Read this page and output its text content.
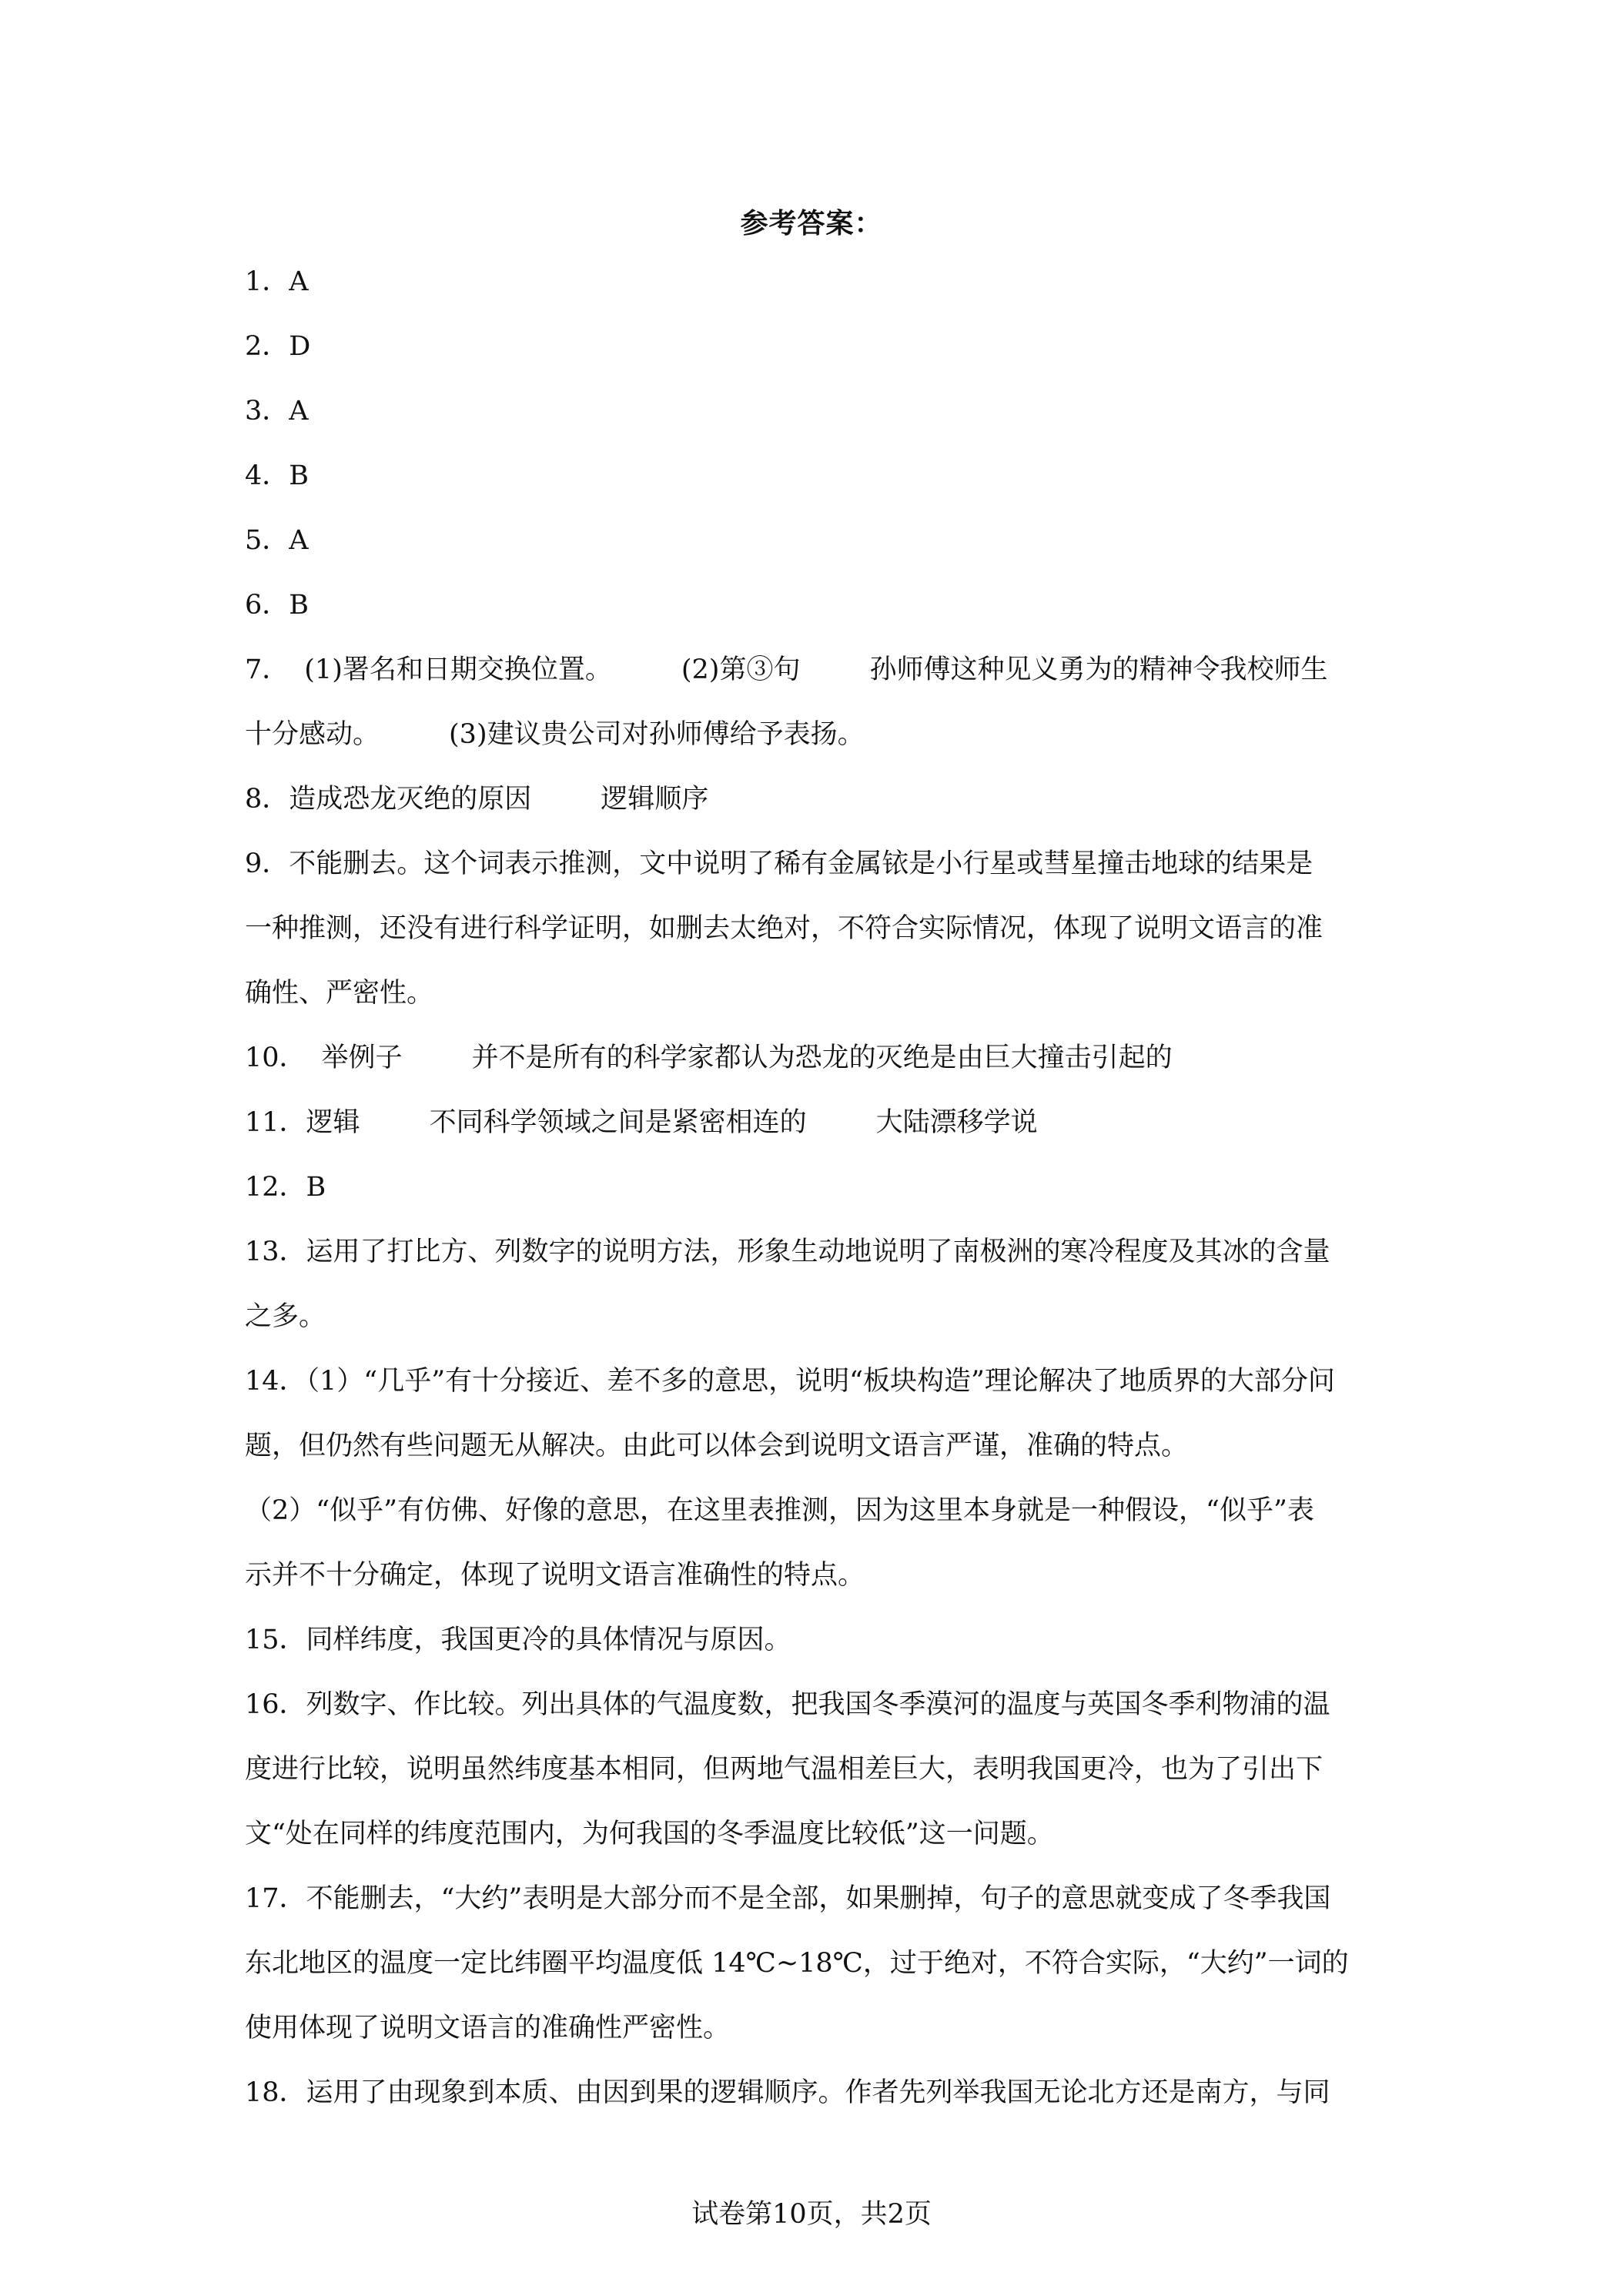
参考答案：
1．A
2．D
3．A
4．B
5．A
6．B
7． (1)署名和日期交换位置。	(2)第③句	孙师傅这种见义勇为的精神令我校师生
十分感动。	(3)建议贵公司对孙师傅给予表扬。
8．造成恐龙灭绝的原因	逻辑顺序
9．不能删去。这个词表示推测，文中说明了稀有金属铱是小行星或彗星撞击地球的结果是
一种推测，还没有进行科学证明，如删去太绝对，不符合实际情况，体现了说明文语言的准
确性、严密性。
10． 举例子	并不是所有的科学家都认为恐龙的灭绝是由巨大撞击引起的
11．逻辑	不同科学领域之间是紧密相连的	大陆漂移学说
12．B
13．运用了打比方、列数字的说明方法，形象生动地说明了南极洲的寒冷程度及其冰的含量
之多。
14．（1）“几乎”有十分接近、差不多的意思，说明“板块构造”理论解决了地质界的大部分问
题，但仍然有些问题无从解决。由此可以体会到说明文语言严谨，准确的特点。
（2）“似乎”有仿佛、好像的意思，在这里表推测，因为这里本身就是一种假设，“似乎”表
示并不十分确定，体现了说明文语言准确性的特点。
15．同样纬度，我国更冷的具体情况与原因。
16．列数字、作比较。列出具体的气温度数，把我国冬季漠河的温度与英国冬季利物浦的温
度进行比较，说明虽然纬度基本相同，但两地气温相差巨大，表明我国更冷，也为了引出下
文“处在同样的纬度范围内，为何我国的冬季温度比较低”这一问题。
17．不能删去，“大约”表明是大部分而不是全部，如果删掉，句子的意思就变成了冬季我国
东北地区的温度一定比纬圈平均温度低 14℃~18℃，过于绝对，不符合实际，“大约”一词的
使用体现了说明文语言的准确性严密性。
18．运用了由现象到本质、由因到果的逻辑顺序。作者先列举我国无论北方还是南方，与同
试卷第10页，共2页
